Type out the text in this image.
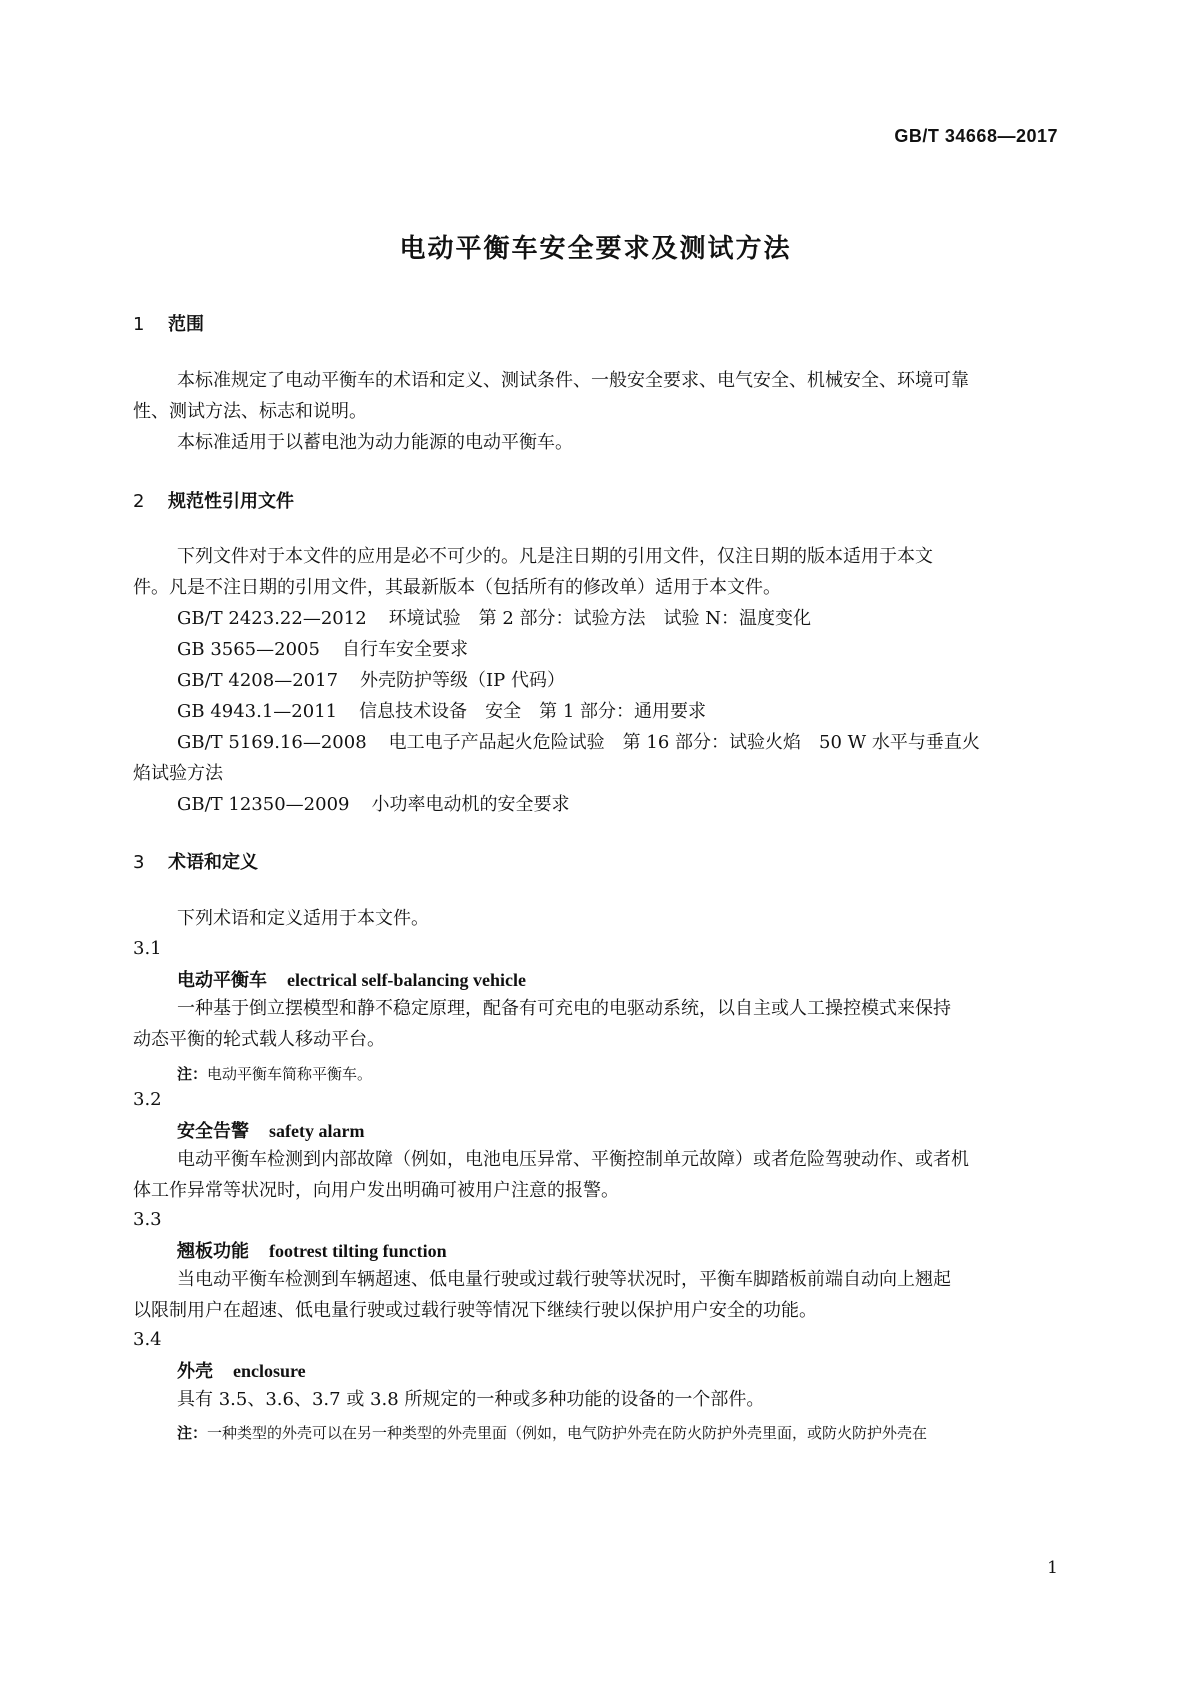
GB/T 34668—2017
电动平衡车安全要求及测试方法
1 范围
本标准规定了电动平衡车的术语和定义、测试条件、一般安全要求、电气安全、机械安全、环境可靠
性、测试方法、标志和说明。
本标准适用于以蓄电池为动力能源的电动平衡车。
2 规范性引用文件
下列文件对于本文件的应用是必不可少的。凡是注日期的引用文件，仅注日期的版本适用于本文
件。凡是不注日期的引用文件，其最新版本（包括所有的修改单）适用于本文件。
GB/T 2423.22—2012 环境试验　第 2 部分：试验方法　试验 N：温度变化
GB 3565—2005 自行车安全要求
GB/T 4208—2017 外壳防护等级（IP 代码）
GB 4943.1—2011 信息技术设备　安全　第 1 部分：通用要求
GB/T 5169.16—2008 电工电子产品起火危险试验　第 16 部分：试验火焰　50 W 水平与垂直火
焰试验方法
GB/T 12350—2009 小功率电动机的安全要求
3 术语和定义
下列术语和定义适用于本文件。
3.1
电动平衡车 electrical self-balancing vehicle
一种基于倒立摆模型和静不稳定原理，配备有可充电的电驱动系统，以自主或人工操控模式来保持
动态平衡的轮式载人移动平台。
注：电动平衡车简称平衡车。
3.2
安全告警 safety alarm
电动平衡车检测到内部故障（例如，电池电压异常、平衡控制单元故障）或者危险驾驶动作、或者机
体工作异常等状况时，向用户发出明确可被用户注意的报警。
3.3
翘板功能 footrest tilting function
当电动平衡车检测到车辆超速、低电量行驶或过载行驶等状况时，平衡车脚踏板前端自动向上翘起
以限制用户在超速、低电量行驶或过载行驶等情况下继续行驶以保护用户安全的功能。
3.4
外壳 enclosure
具有 3.5、3.6、3.7 或 3.8 所规定的一种或多种功能的设备的一个部件。
注：一种类型的外壳可以在另一种类型的外壳里面（例如，电气防护外壳在防火防护外壳里面，或防火防护外壳在
1
